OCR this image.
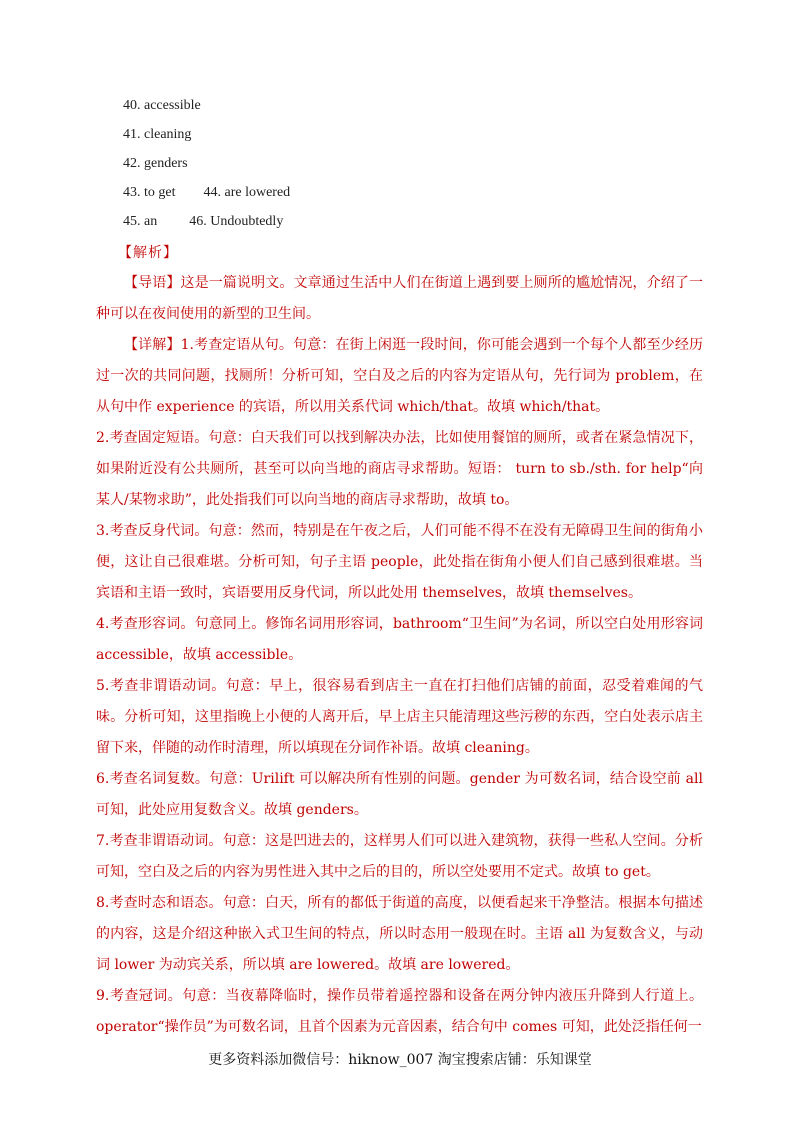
40. accessible
41. cleaning
42. genders
43. to get 44. are lowered
45. an 46. Undoubtedly
【解析】

【导语】这是一篇说明文。文章通过生活中人们在街道上遇到要上厕所的尴尬情况，介绍了一种可以在夜间使用的新型的卫生间。

【详解】1.考查定语从句。句意：在街上闲逛一段时间，你可能会遇到一个每个人都至少经历过一次的共同问题，找厕所！分析可知，空白及之后的内容为定语从句，先行词为 problem，在从句中作 experience 的宾语，所以用关系代词 which/that。故填 which/that。

2.考查固定短语。句意：白天我们可以找到解决办法，比如使用餐馆的厕所，或者在紧急情况下，如果附近没有公共厕所，甚至可以向当地的商店寻求帮助。短语： turn to sb./sth. for help“向某人/某物求助”，此处指我们可以向当地的商店寻求帮助，故填 to。

3.考查反身代词。句意：然而，特别是在午夜之后，人们可能不得不在没有无障碍卫生间的街角小便，这让自己很难堪。分析可知，句子主语 people，此处指在街角小便人们自己感到很难堪。当宾语和主语一致时，宾语要用反身代词，所以此处用 themselves，故填 themselves。

4.考查形容词。句意同上。修饰名词用形容词，bathroom“卫生间”为名词，所以空白处用形容词 accessible，故填 accessible。

5.考查非谓语动词。句意：早上，很容易看到店主一直在打扫他们店铺的前面，忍受着难闻的气味。分析可知，这里指晚上小便的人离开后，早上店主只能清理这些污秽的东西，空白处表示店主留下来，伴随的动作时清理，所以填现在分词作补语。故填 cleaning。

6.考查名词复数。句意：Urilift 可以解决所有性别的问题。gender 为可数名词，结合设空前 all 可知，此处应用复数含义。故填 genders。

7.考查非谓语动词。句意：这是凹进去的，这样男人们可以进入建筑物，获得一些私人空间。分析可知，空白及之后的内容为男性进入其中之后的目的，所以空处要用不定式。故填 to get。

8.考查时态和语态。句意：白天，所有的都低于街道的高度，以便看起来干净整洁。根据本句描述的内容，这是介绍这种嵌入式卫生间的特点，所以时态用一般现在时。主语 all 为复数含义，与动词 lower 为动宾关系，所以填 are lowered。故填 are lowered。

9.考查冠词。句意：当夜幕降临时，操作员带着遥控器和设备在两分钟内液压升降到人行道上。operator“操作员”为可数名词，且首个因素为元音因素，结合句中 comes 可知，此处泛指任何一

更多资料添加微信号：hiknow_007 淘宝搜索店铺：乐知课堂
